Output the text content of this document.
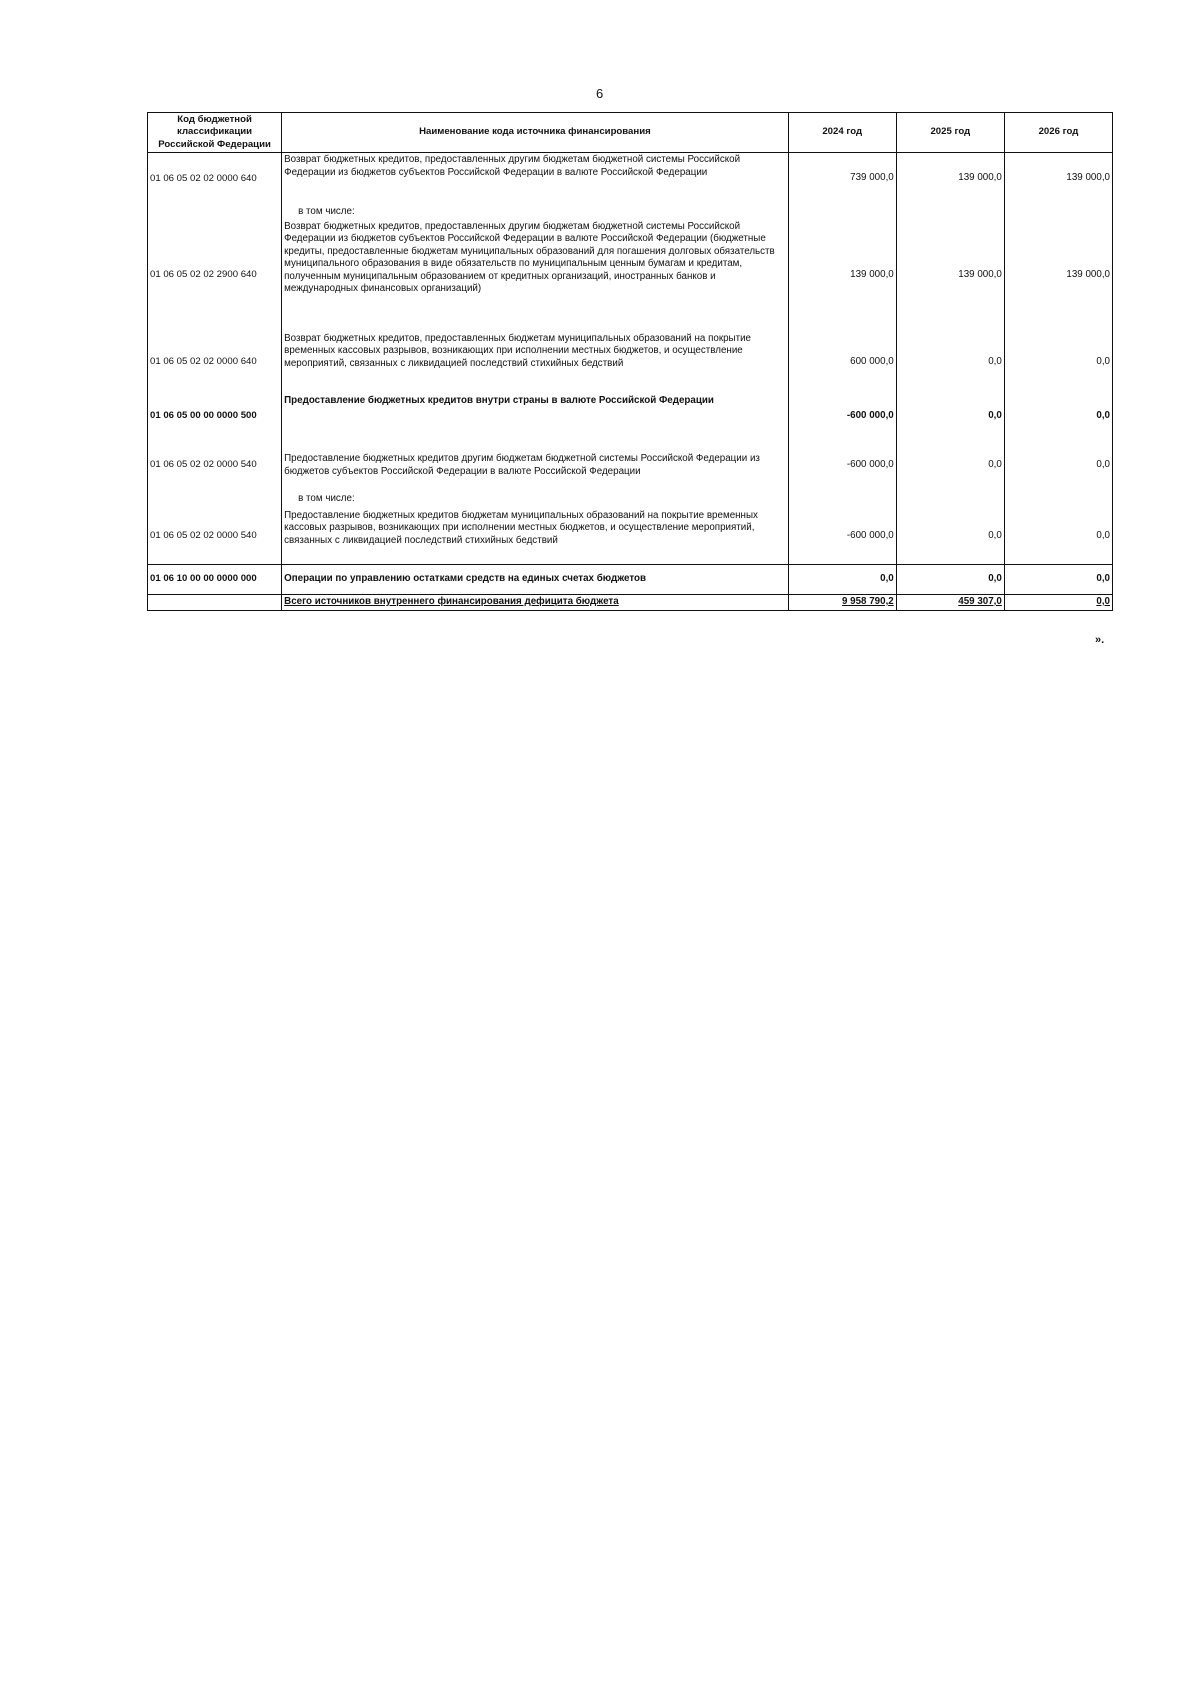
6
Код бюджетной классификации Российской Федерации	Наименование кода источника финансирования	2024 год	2025 год	2026 год
01 06 05 02 02 0000 640	Возврат бюджетных кредитов, предоставленных другим бюджетам бюджетной системы Российской Федерации из бюджетов субъектов Российской Федерации в валюте Российской Федерации	739 000,0	139 000,0	139 000,0
	в том числе:			
01 06 05 02 02 2900 640	Возврат бюджетных кредитов, предоставленных другим бюджетам бюджетной системы Российской Федерации из бюджетов субъектов Российской Федерации в валюте Российской Федерации (бюджетные кредиты, предоставленные бюджетам муниципальных образований для погашения долговых обязательств муниципального образования в виде обязательств по муниципальным ценным бумагам и кредитам, полученным муниципальным образованием от кредитных организаций, иностранных банков и международных финансовых организаций)	139 000,0	139 000,0	139 000,0
01 06 05 02 02 0000 640	Возврат бюджетных кредитов, предоставленных бюджетам муниципальных образований на покрытие временных кассовых разрывов, возникающих при исполнении местных бюджетов, и осуществление мероприятий, связанных с ликвидацией последствий стихийных бедствий	600 000,0	0,0	0,0
01 06 05 00 00 0000 500	Предоставление бюджетных кредитов внутри страны в валюте Российской Федерации	-600 000,0	0,0	0,0
01 06 05 02 02 0000 540	Предоставление бюджетных кредитов другим бюджетам бюджетной системы Российской Федерации из бюджетов субъектов Российской Федерации в валюте Российской Федерации	-600 000,0	0,0	0,0
	в том числе:			
01 06 05 02 02 0000 540	Предоставление бюджетных кредитов бюджетам муниципальных образований на покрытие временных кассовых разрывов, возникающих при исполнении местных бюджетов, и осуществление мероприятий, связанных с ликвидацией последствий стихийных бедствий	-600 000,0	0,0	0,0
01 06 10 00 00 0000 000	Операции по управлению остатками средств на единых счетах бюджетов	0,0	0,0	0,0
	Всего источников внутреннего финансирования дефицита бюджета	9 958 790,2	459 307,0	0,0
».
